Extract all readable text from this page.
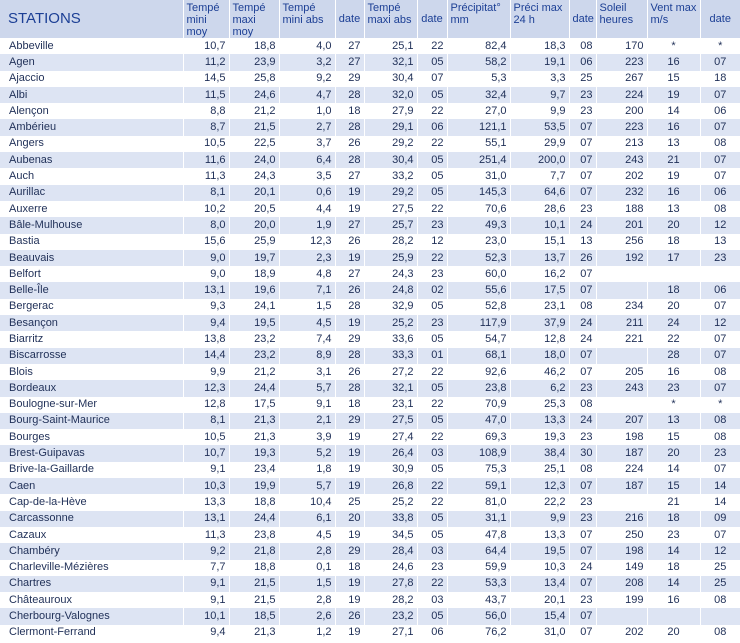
STATIONS	Tempé mini moy	Tempé maxi moy	Tempé mini abs	date	Tempé maxi abs	date	Précipitat° mm	Préci max 24 h	date	Soleil heures	Vent max m/s	date
Abbeville	10,7	18,8	4,0	27	25,1	22	82,4	18,3	08	170	*	*
Agen	11,2	23,9	3,2	27	32,1	05	58,2	19,1	06	223	16	07
Ajaccio	14,5	25,8	9,2	29	30,4	07	5,3	3,3	25	267	15	18
Albi	11,5	24,6	4,7	28	32,0	05	32,4	9,7	23	224	19	07
Alençon	8,8	21,2	1,0	18	27,9	22	27,0	9,9	23	200	14	06
Ambérieu	8,7	21,5	2,7	28	29,1	06	121,1	53,5	07	223	16	07
Angers	10,5	22,5	3,7	26	29,2	22	55,1	29,9	07	213	13	08
Aubenas	11,6	24,0	6,4	28	30,4	05	251,4	200,0	07	243	21	07
Auch	11,3	24,3	3,5	27	33,2	05	31,0	7,7	07	202	19	07
Aurillac	8,1	20,1	0,6	19	29,2	05	145,3	64,6	07	232	16	06
Auxerre	10,2	20,5	4,4	19	27,5	22	70,6	28,6	23	188	13	08
Bâle-Mulhouse	8,0	20,0	1,9	27	25,7	23	49,3	10,1	24	201	20	12
Bastia	15,6	25,9	12,3	26	28,2	12	23,0	15,1	13	256	18	13
Beauvais	9,0	19,7	2,3	19	25,9	22	52,3	13,7	26	192	17	23
Belfort	9,0	18,9	4,8	27	24,3	23	60,0	16,2	07			
Belle-Île	13,1	19,6	7,1	26	24,8	02	55,6	17,5	07		18	06
Bergerac	9,3	24,1	1,5	28	32,9	05	52,8	23,1	08	234	20	07
Besançon	9,4	19,5	4,5	19	25,2	23	117,9	37,9	24	211	24	12
Biarritz	13,8	23,2	7,4	29	33,6	05	54,7	12,8	24	221	22	07
Biscarrosse	14,4	23,2	8,9	28	33,3	01	68,1	18,0	07		28	07
Blois	9,9	21,2	3,1	26	27,2	22	92,6	46,2	07	205	16	08
Bordeaux	12,3	24,4	5,7	28	32,1	05	23,8	6,2	23	243	23	07
Boulogne-sur-Mer	12,8	17,5	9,1	18	23,1	22	70,9	25,3	08		*	*
Bourg-Saint-Maurice	8,1	21,3	2,1	29	27,5	05	47,0	13,3	24	207	13	08
Bourges	10,5	21,3	3,9	19	27,4	22	69,3	19,3	23	198	15	08
Brest-Guipavas	10,7	19,3	5,2	19	26,4	03	108,9	38,4	30	187	20	23
Brive-la-Gaillarde	9,1	23,4	1,8	19	30,9	05	75,3	25,1	08	224	14	07
Caen	10,3	19,9	5,7	19	26,8	22	59,1	12,3	07	187	15	14
Cap-de-la-Hève	13,3	18,8	10,4	25	25,2	22	81,0	22,2	23		21	14
Carcassonne	13,1	24,4	6,1	20	33,8	05	31,1	9,9	23	216	18	09
Cazaux	11,3	23,8	4,5	19	34,5	05	47,8	13,3	07	250	23	07
Chambéry	9,2	21,8	2,8	29	28,4	03	64,4	19,5	07	198	14	12
Charleville-Mézières	7,7	18,8	0,1	18	24,6	23	59,9	10,3	24	149	18	25
Chartres	9,1	21,5	1,5	19	27,8	22	53,3	13,4	07	208	14	25
Châteauroux	9,1	21,5	2,8	19	28,2	03	43,7	20,1	23	199	16	08
Cherbourg-Valognes	10,1	18,5	2,6	26	23,2	05	56,0	15,4	07			
Clermont-Ferrand	9,4	21,3	1,2	19	27,1	06	76,2	31,0	07	202	20	08
